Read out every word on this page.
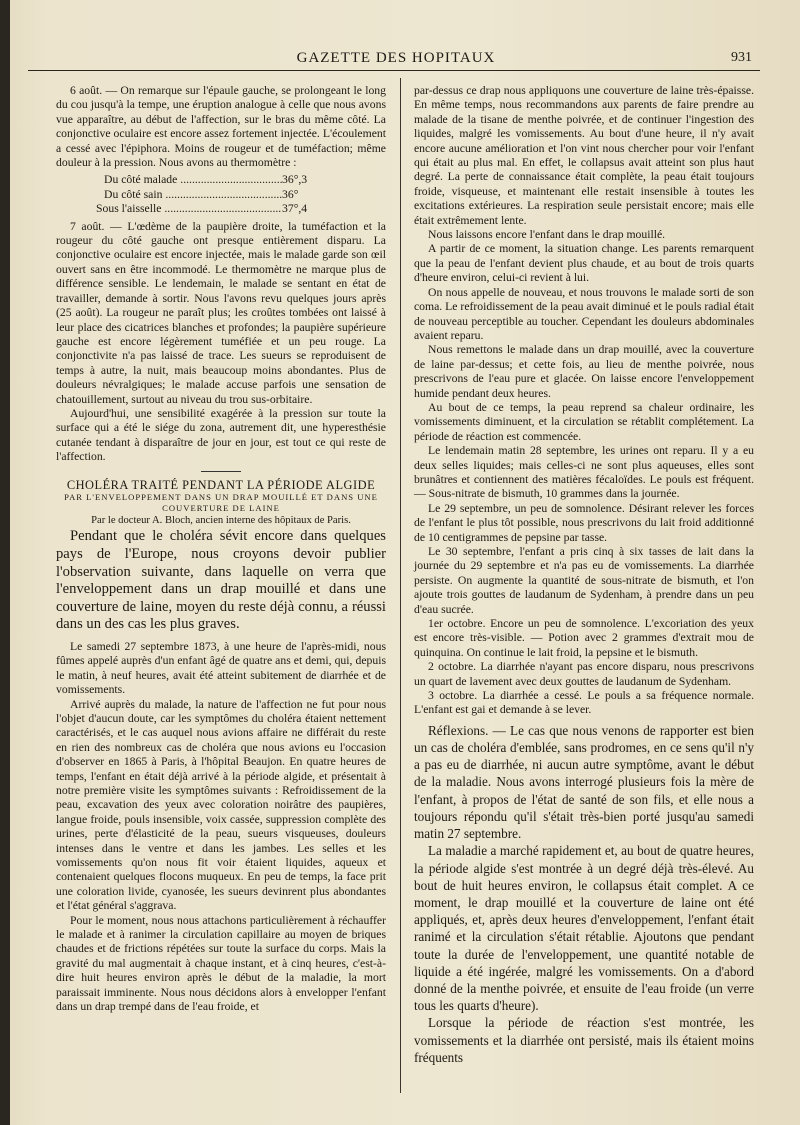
GAZETTE DES HOPITAUX	931

6 août. — On remarque sur l'épaule gauche, se prolongeant le long du cou jusqu'à la tempe, une éruption analogue à celle que nous avons vue apparaître, au début de l'affection, sur le bras du même côté. La conjonctive oculaire est encore assez fortement injectée. L'écoulement a cessé avec l'épiphora. Moins de rougeur et de tuméfaction; même douleur à la pression. Nous avons au thermomètre :

Du côté malade .....	36°,3
Du côté sain .....	36°
Sous l'aisselle .....	37°,4

7 août. — L'œdème de la paupière droite, la tuméfaction et la rougeur du côté gauche ont presque entièrement disparu. La conjonctive oculaire est encore injectée, mais le malade garde son œil ouvert sans en être incommodé. Le thermomètre ne marque plus de différence sensible. Le lendemain, le malade se sentant en état de travailler, demande à sortir. Nous l'avons revu quelques jours après (25 août). La rougeur ne paraît plus; les croûtes tombées ont laissé à leur place des cicatrices blanches et profondes; la paupière supérieure gauche est encore légèrement tuméfiée et un peu rouge. La conjonctivite n'a pas laissé de trace. Les sueurs se reproduisent de temps à autre, la nuit, mais beaucoup moins abondantes. Plus de douleurs névralgiques; le malade accuse parfois une sensation de chatouillement, surtout au niveau du trou sus-orbitaire.

Aujourd'hui, une sensibilité exagérée à la pression sur toute la surface qui a été le siége du zona, autrement dit, une hyperesthésie cutanée tendant à disparaître de jour en jour, est tout ce qui reste de l'affection.

CHOLÉRA TRAITÉ PENDANT LA PÉRIODE ALGIDE

PAR L'ENVELOPPEMENT DANS UN DRAP MOUILLÉ ET DANS UNE COUVERTURE DE LAINE

Par le docteur A. Bloch, ancien interne des hôpitaux de Paris.

Pendant que le choléra sévit encore dans quelques pays de l'Europe, nous croyons devoir publier l'observation suivante, dans laquelle on verra que l'enveloppement dans un drap mouillé et dans une couverture de laine, moyen du reste déjà connu, a réussi dans un des cas les plus graves.

Le samedi 27 septembre 1873, à une heure de l'après-midi, nous fûmes appelé auprès d'un enfant âgé de quatre ans et demi, qui, depuis le matin, à neuf heures, avait été atteint subitement de diarrhée et de vomissements.

Arrivé auprès du malade, la nature de l'affection ne fut pour nous l'objet d'aucun doute, car les symptômes du choléra étaient nettement caractérisés, et le cas auquel nous avions affaire ne différait du reste en rien des nombreux cas de choléra que nous avions eu l'occasion d'observer en 1865 à Paris, à l'hôpital Beaujon. En quatre heures de temps, l'enfant en était déjà arrivé à la période algide, et présentait à notre première visite les symptômes suivants : Refroidissement de la peau, excavation des yeux avec coloration noirâtre des paupières, langue froide, pouls insensible, voix cassée, suppression complète des urines, perte d'élasticité de la peau, sueurs visqueuses, douleurs intenses dans le ventre et dans les jambes. Les selles et les vomissements qu'on nous fit voir étaient liquides, aqueux et contenaient quelques flocons muqueux. En peu de temps, la face prit une coloration livide, cyanosée, les sueurs devinrent plus abondantes et l'état général s'aggrava.

Pour le moment, nous nous attachons particulièrement à réchauffer le malade et à ranimer la circulation capillaire au moyen de briques chaudes et de frictions répétées sur toute la surface du corps. Mais la gravité du mal augmentait à chaque instant, et à cinq heures, c'est-à-dire huit heures environ après le début de la maladie, la mort paraissait imminente. Nous nous décidons alors à envelopper l'enfant dans un drap trempé dans de l'eau froide, et

par-dessus ce drap nous appliquons une couverture de laine très-épaisse. En même temps, nous recommandons aux parents de faire prendre au malade de la tisane de menthe poivrée, et de continuer l'ingestion des liquides, malgré les vomissements. Au bout d'une heure, il n'y avait encore aucune amélioration et l'on vint nous chercher pour voir l'enfant qui était au plus mal. En effet, le collapsus avait atteint son plus haut degré. La perte de connaissance était complète, la peau était toujours froide, visqueuse, et maintenant elle restait insensible à toutes les excitations extérieures. La respiration seule persistait encore; mais elle était extrêmement lente.

Nous laissons encore l'enfant dans le drap mouillé.

A partir de ce moment, la situation change. Les parents remarquent que la peau de l'enfant devient plus chaude, et au bout de trois quarts d'heure environ, celui-ci revient à lui.

On nous appelle de nouveau, et nous trouvons le malade sorti de son coma. Le refroidissement de la peau avait diminué et le pouls radial était de nouveau perceptible au toucher. Cependant les douleurs abdominales avaient reparu.

Nous remettons le malade dans un drap mouillé, avec la couverture de laine par-dessus; et cette fois, au lieu de menthe poivrée, nous prescrivons de l'eau pure et glacée. On laisse encore l'enveloppement humide pendant deux heures.

Au bout de ce temps, la peau reprend sa chaleur ordinaire, les vomissements diminuent, et la circulation se rétablit complétement. La période de réaction est commencée.

Le lendemain matin 28 septembre, les urines ont reparu. Il y a eu deux selles liquides; mais celles-ci ne sont plus aqueuses, elles sont brunâtres et contiennent des matières fécaloïdes. Le pouls est fréquent. — Sous-nitrate de bismuth, 10 grammes dans la journée.

Le 29 septembre, un peu de somnolence. Désirant relever les forces de l'enfant le plus tôt possible, nous prescrivons du lait froid additionné de 10 centigrammes de pepsine par tasse.

Le 30 septembre, l'enfant a pris cinq à six tasses de lait dans la journée du 29 septembre et n'a pas eu de vomissements. La diarrhée persiste. On augmente la quantité de sous-nitrate de bismuth, et l'on ajoute trois gouttes de laudanum de Sydenham, à prendre dans un peu d'eau sucrée.

1er octobre. Encore un peu de somnolence. L'excoriation des yeux est encore très-visible. — Potion avec 2 grammes d'extrait mou de quinquina. On continue le lait froid, la pepsine et le bismuth.

2 octobre. La diarrhée n'ayant pas encore disparu, nous prescrivons un quart de lavement avec deux gouttes de laudanum de Sydenham.

3 octobre. La diarrhée a cessé. Le pouls a sa fréquence normale. L'enfant est gai et demande à se lever.

Réflexions. — Le cas que nous venons de rapporter est bien un cas de choléra d'emblée, sans prodromes, en ce sens qu'il n'y a pas eu de diarrhée, ni aucun autre symptôme, avant le début de la maladie. Nous avons interrogé plusieurs fois la mère de l'enfant, à propos de l'état de santé de son fils, et elle nous a toujours répondu qu'il s'était très-bien porté jusqu'au samedi matin 27 septembre.

La maladie a marché rapidement et, au bout de quatre heures, la période algide s'est montrée à un degré déjà très-élevé. Au bout de huit heures environ, le collapsus était complet. A ce moment, le drap mouillé et la couverture de laine ont été appliqués, et, après deux heures d'enveloppement, l'enfant était ranimé et la circulation s'était rétablie. Ajoutons que pendant toute la durée de l'enveloppement, une quantité notable de liquide a été ingérée, malgré les vomissements. On a d'abord donné de la menthe poivrée, et ensuite de l'eau froide (un verre tous les quarts d'heure).

Lorsque la période de réaction s'est montrée, les vomissements et la diarrhée ont persisté, mais ils étaient moins fréquents
